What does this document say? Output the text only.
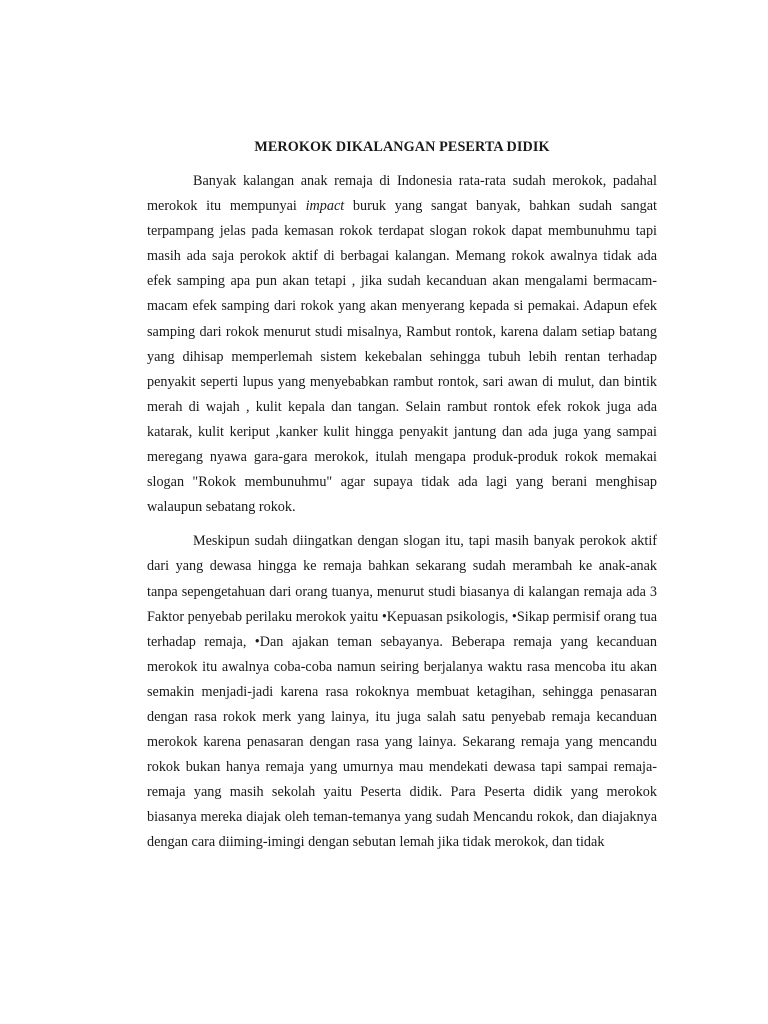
MEROKOK DIKALANGAN PESERTA DIDIK

Banyak kalangan anak remaja di Indonesia rata-rata sudah merokok, padahal merokok itu mempunyai impact buruk yang sangat banyak, bahkan sudah sangat terpampang jelas pada kemasan rokok terdapat slogan rokok dapat membunuhmu tapi masih ada saja perokok aktif di berbagai kalangan. Memang rokok awalnya tidak ada efek samping apa pun akan tetapi , jika sudah kecanduan akan mengalami bermacam-macam efek samping dari rokok yang akan menyerang kepada si pemakai. Adapun efek samping dari rokok menurut studi misalnya, Rambut rontok, karena dalam setiap batang yang dihisap memperlemah sistem kekebalan sehingga tubuh lebih rentan terhadap penyakit seperti lupus yang menyebabkan rambut rontok, sari awan di mulut, dan bintik merah di wajah , kulit kepala dan tangan. Selain rambut rontok efek rokok juga ada katarak, kulit keriput ,kanker kulit hingga penyakit jantung dan ada juga yang sampai meregang nyawa gara-gara merokok, itulah mengapa produk-produk rokok memakai slogan "Rokok membunuhmu" agar supaya tidak ada lagi yang berani menghisap walaupun sebatang rokok.

Meskipun sudah diingatkan dengan slogan itu, tapi masih banyak perokok aktif dari yang dewasa hingga ke remaja bahkan sekarang sudah merambah ke anak-anak tanpa sepengetahuan dari orang tuanya, menurut studi biasanya di kalangan remaja ada 3 Faktor penyebab perilaku merokok yaitu •Kepuasan psikologis, •Sikap permisif orang tua terhadap remaja, •Dan ajakan teman sebayanya. Beberapa remaja yang kecanduan merokok itu awalnya coba-coba namun seiring berjalanya waktu rasa mencoba itu akan semakin menjadi-jadi karena rasa rokoknya membuat ketagihan, sehingga penasaran dengan rasa rokok merk yang lainya, itu juga salah satu penyebab remaja kecanduan merokok karena penasaran dengan rasa yang lainya. Sekarang remaja yang mencandu rokok bukan hanya remaja yang umurnya mau mendekati dewasa tapi sampai remaja-remaja yang masih sekolah yaitu Peserta didik. Para Peserta didik yang merokok biasanya mereka diajak oleh teman-temanya yang sudah Mencandu rokok, dan diajaknya dengan cara diiming-imingi dengan sebutan lemah jika tidak merokok, dan tidak
